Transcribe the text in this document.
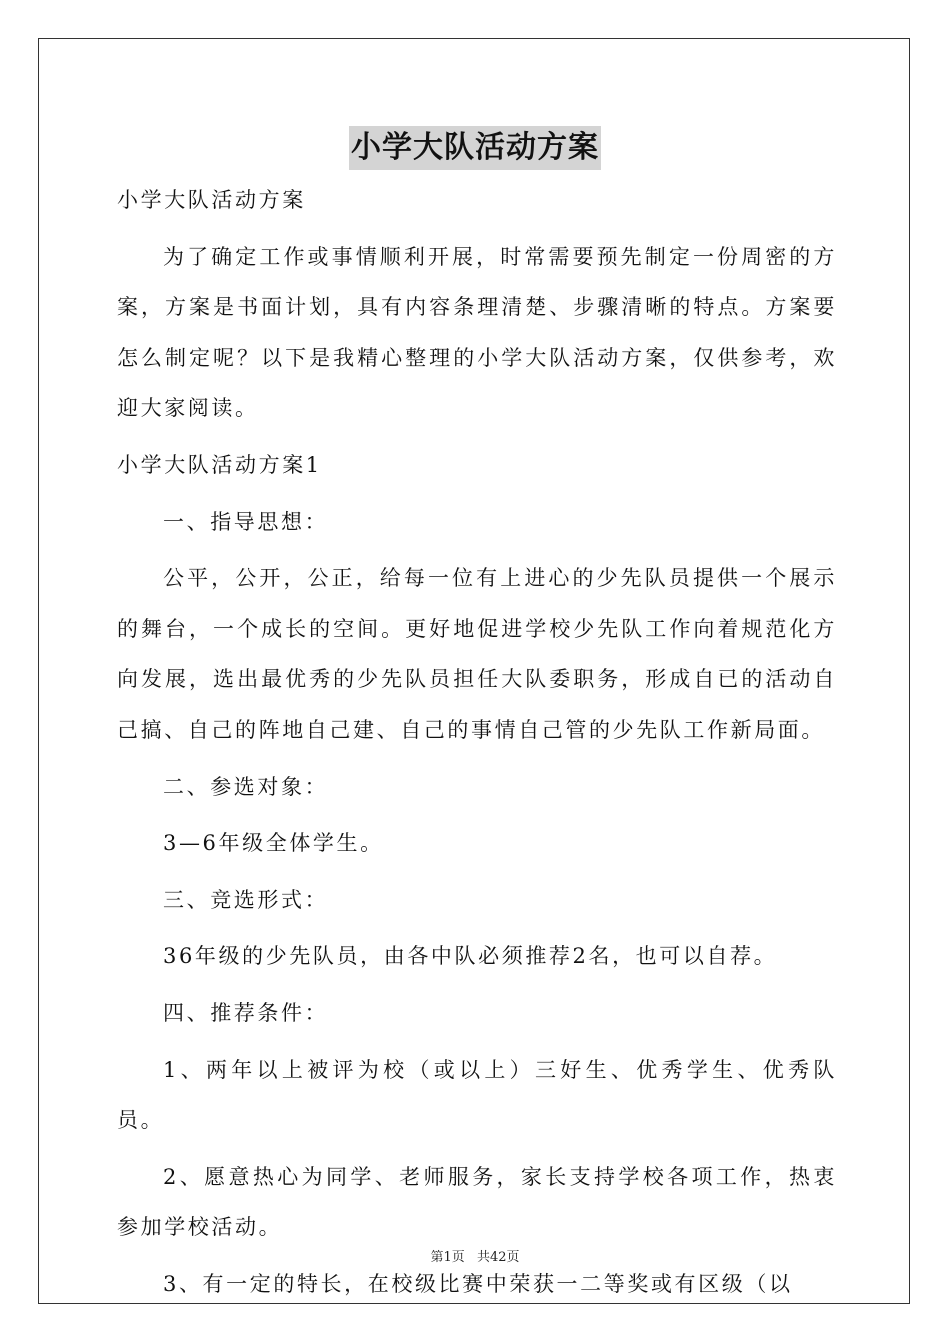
小学大队活动方案

小学大队活动方案

为了确定工作或事情顺利开展，时常需要预先制定一份周密的方案，方案是书面计划，具有内容条理清楚、步骤清晰的特点。方案要怎么制定呢？以下是我精心整理的小学大队活动方案，仅供参考，欢迎大家阅读。

小学大队活动方案1

一、指导思想：

公平，公开，公正，给每一位有上进心的少先队员提供一个展示的舞台，一个成长的空间。更好地促进学校少先队工作向着规范化方向发展，选出最优秀的少先队员担任大队委职务，形成自已的活动自己搞、自己的阵地自己建、自己的事情自己管的少先队工作新局面。

二、参选对象：

3—6年级全体学生。

三、竞选形式：

36年级的少先队员，由各中队必须推荐2名，也可以自荐。

四、推荐条件：

1、两年以上被评为校（或以上）三好生、优秀学生、优秀队员。

2、愿意热心为同学、老师服务，家长支持学校各项工作，热衷参加学校活动。

3、有一定的特长，在校级比赛中荣获一二等奖或有区级（以

第1页 共42页
